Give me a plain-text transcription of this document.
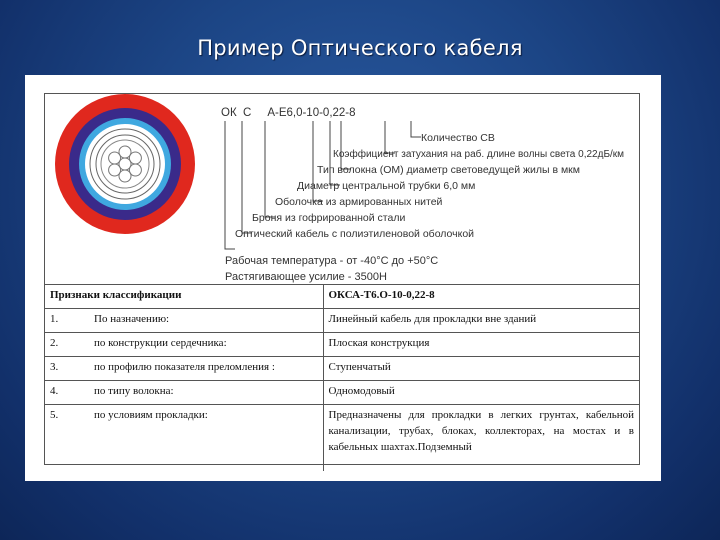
Пример Оптического кабеля
ОК  С     А-Е6,0-10-0,22-8
Количество СВ
Коэффициент затухания на раб. длине волны света 0,22дБ/км
Тип волокна (ОМ) диаметр световедущей жилы в мкм
Диаметр центральной трубки 6,0 мм
Оболочка из армированных нитей
Броня из гофрированной стали
Оптический кабель с полиэтиленовой оболочкой
Рабочая температура - от -40°С до +50°С
Растягивающее усилие - 3500Н
Признаки классификации	ОКСА-Т6.О-10-0,22-8
1. По назначению:	Линейный кабель для прокладки вне зданий
2. по конструкции сердечника:	Плоская конструкция
3. по профилю показателя преломления :	Ступенчатый
4. по типу волокна:	Одномодовый
5. по условиям прокладки:	Предназначены для прокладки в легких грунтах, кабельной канализации, трубах, блоках, коллекторах, на мостах и в кабельных шахтах.Подземный
